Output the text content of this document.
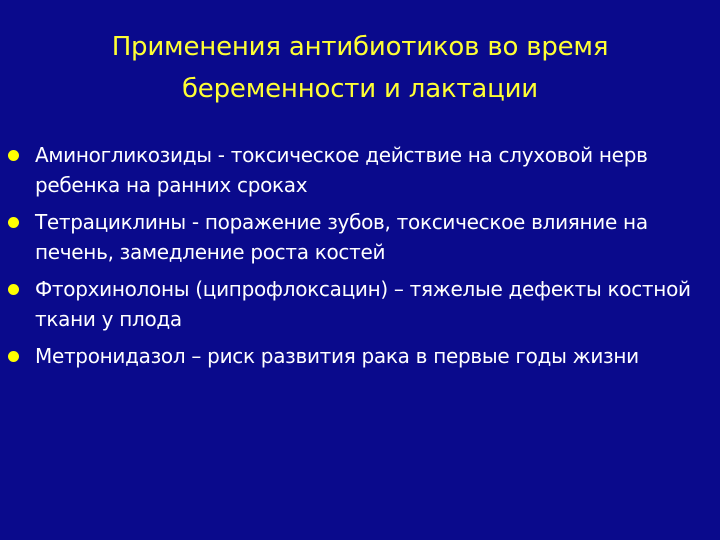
Применения антибиотиков во время беременности и лактации
Аминогликозиды - токсическое действие на слуховой нерв ребенка на ранних сроках
Тетрациклины - поражение зубов, токсическое влияние на печень, замедление роста костей
Фторхинолоны (ципрофлоксацин) – тяжелые дефекты костной ткани у плода
Метронидазол – риск развития рака в первые годы жизни
